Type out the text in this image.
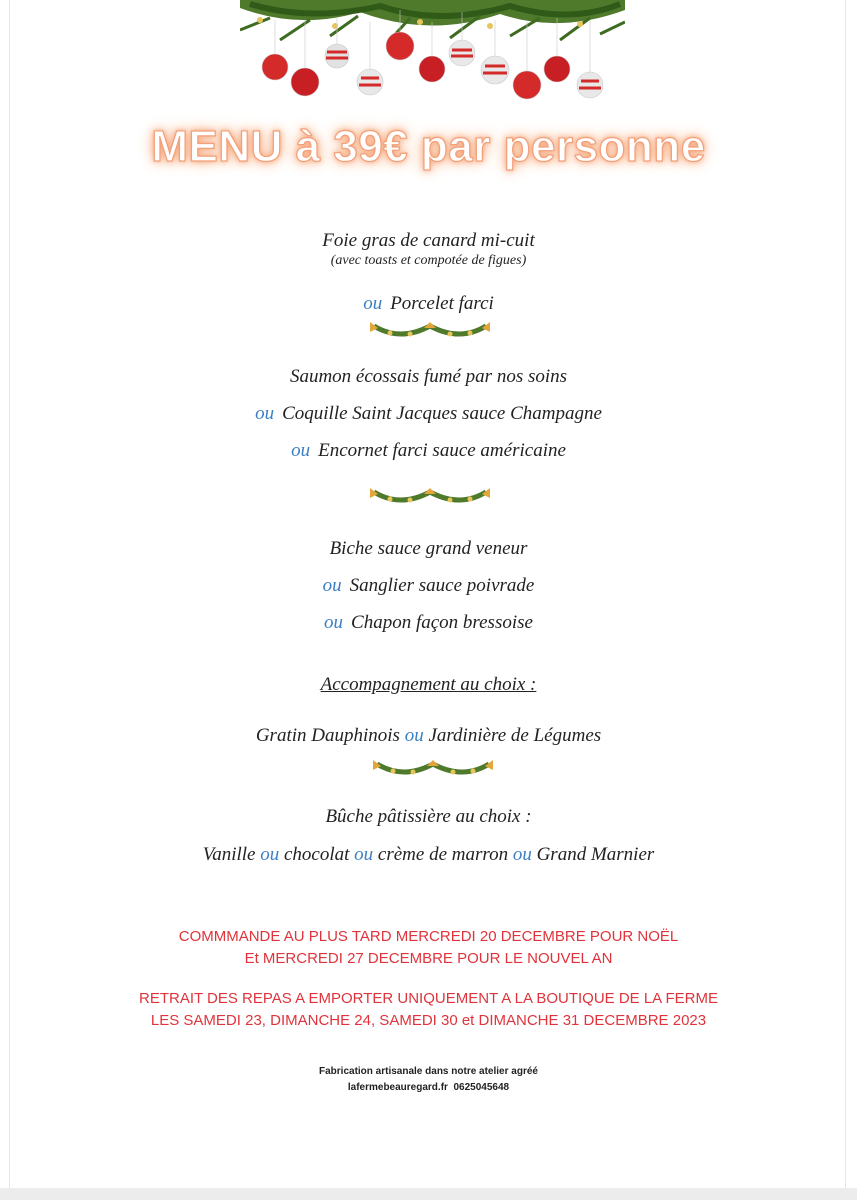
MENU à 39€ par personne
Foie gras de canard mi-cuit
(avec toasts et compotée de figues)
ou Porcelet farci
Saumon écossais fumé par nos soins
ou Coquille Saint Jacques sauce Champagne
ou Encornet farci sauce américaine
Biche sauce grand veneur
ou Sanglier sauce poivrade
ou Chapon façon bressoise
Accompagnement au choix :
Gratin Dauphinois ou Jardinière de Légumes
Bûche pâtissière au choix :
Vanille ou chocolat ou crème de marron ou Grand Marnier
COMMMANDE AU PLUS TARD MERCREDI 20 DECEMBRE POUR NOËL
Et MERCREDI 27 DECEMBRE POUR LE NOUVEL AN
RETRAIT DES REPAS A EMPORTER UNIQUEMENT A LA BOUTIQUE DE LA FERME
LES SAMEDI 23, DIMANCHE 24, SAMEDI 30 et DIMANCHE 31 DECEMBRE 2023
Fabrication artisanale dans notre atelier agréé
lafermebeauregard.fr 0625045648
